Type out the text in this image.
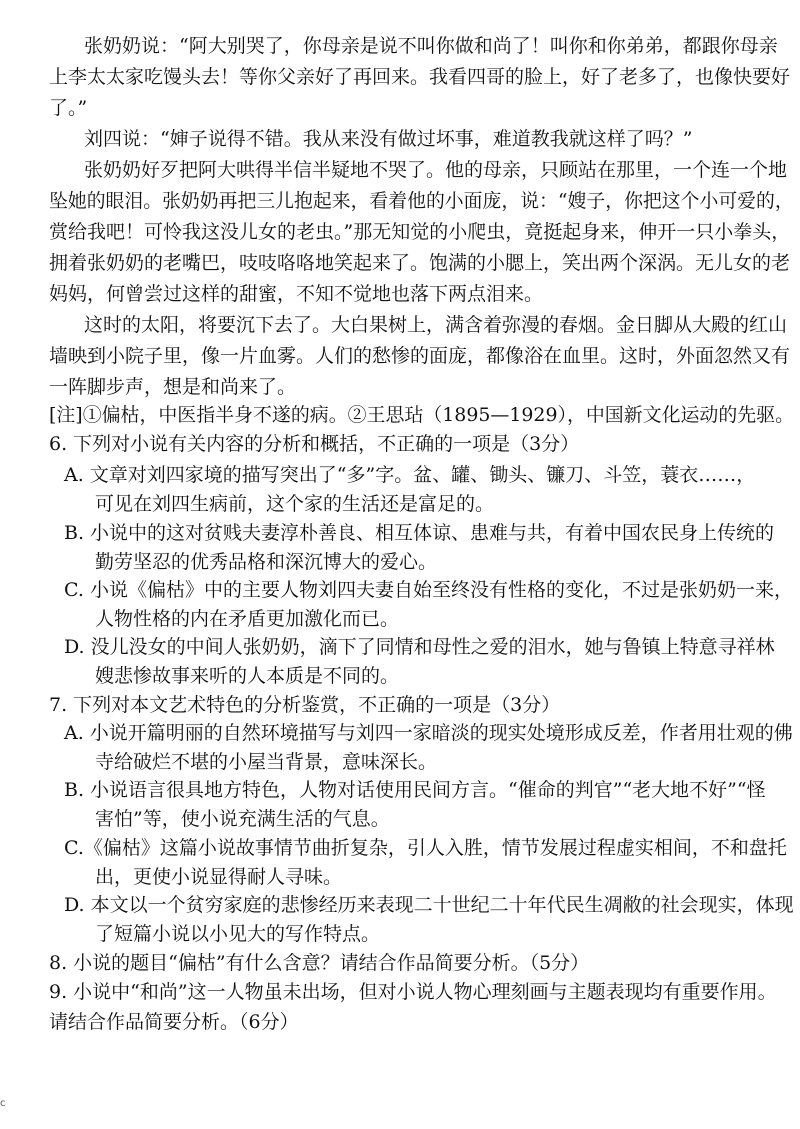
张奶奶说：“阿大别哭了，你母亲是说不叫你做和尚了！叫你和你弟弟，都跟你母亲
上李太太家吃馒头去！等你父亲好了再回来。我看四哥的脸上，好了老多了，也像快要好
了。”
刘四说：“婶子说得不错。我从来没有做过坏事，难道教我就这样了吗？”
张奶奶好歹把阿大哄得半信半疑地不哭了。他的母亲，只顾站在那里，一个连一个地
坠她的眼泪。张奶奶再把三儿抱起来，看着他的小面庞，说：“嫂子，你把这个小可爱的，
赏给我吧！可怜我这没儿女的老虫。”那无知觉的小爬虫，竟挺起身来，伸开一只小拳头，
拥着张奶奶的老嘴巴，吱吱咯咯地笑起来了。饱满的小腮上，笑出两个深涡。无儿女的老
妈妈，何曾尝过这样的甜蜜，不知不觉地也落下两点泪来。
这时的太阳，将要沉下去了。大白果树上，满含着弥漫的春烟。金日脚从大殿的红山
墙映到小院子里，像一片血雾。人们的愁惨的面庞，都像浴在血里。这时，外面忽然又有
一阵脚步声，想是和尚来了。
[注]①偏枯，中医指半身不遂的病。②王思玷（1895—1929），中国新文化运动的先驱。
6. 下列对小说有关内容的分析和概括，不正确的一项是（3分）
A. 文章对刘四家境的描写突出了“多”字。盆、罐、锄头、镰刀、斗笠，蓑衣……，
可见在刘四生病前，这个家的生活还是富足的。
B. 小说中的这对贫贱夫妻淳朴善良、相互体谅、患难与共，有着中国农民身上传统的
勤劳坚忍的优秀品格和深沉博大的爱心。
C. 小说《偏枯》中的主要人物刘四夫妻自始至终没有性格的变化，不过是张奶奶一来，
人物性格的内在矛盾更加激化而已。
D. 没儿没女的中间人张奶奶，滴下了同情和母性之爱的泪水，她与鲁镇上特意寻祥林
嫂悲惨故事来听的人本质是不同的。
7. 下列对本文艺术特色的分析鉴赏，不正确的一项是（3分）
A. 小说开篇明丽的自然环境描写与刘四一家暗淡的现实处境形成反差，作者用壮观的佛
寺给破烂不堪的小屋当背景，意味深长。
B. 小说语言很具地方特色，人物对话使用民间方言。“催命的判官”“老大地不好”“怪
害怕”等，使小说充满生活的气息。
C.《偏枯》这篇小说故事情节曲折复杂，引人入胜，情节发展过程虚实相间，不和盘托
出，更使小说显得耐人寻味。
D. 本文以一个贫穷家庭的悲惨经历来表现二十世纪二十年代民生凋敝的社会现实，体现
了短篇小说以小见大的写作特点。
8. 小说的题目“偏枯”有什么含意？请结合作品简要分析。（5分）
9. 小说中“和尚”这一人物虽未出场，但对小说人物心理刻画与主题表现均有重要作用。
请结合作品简要分析。（6分）
c
